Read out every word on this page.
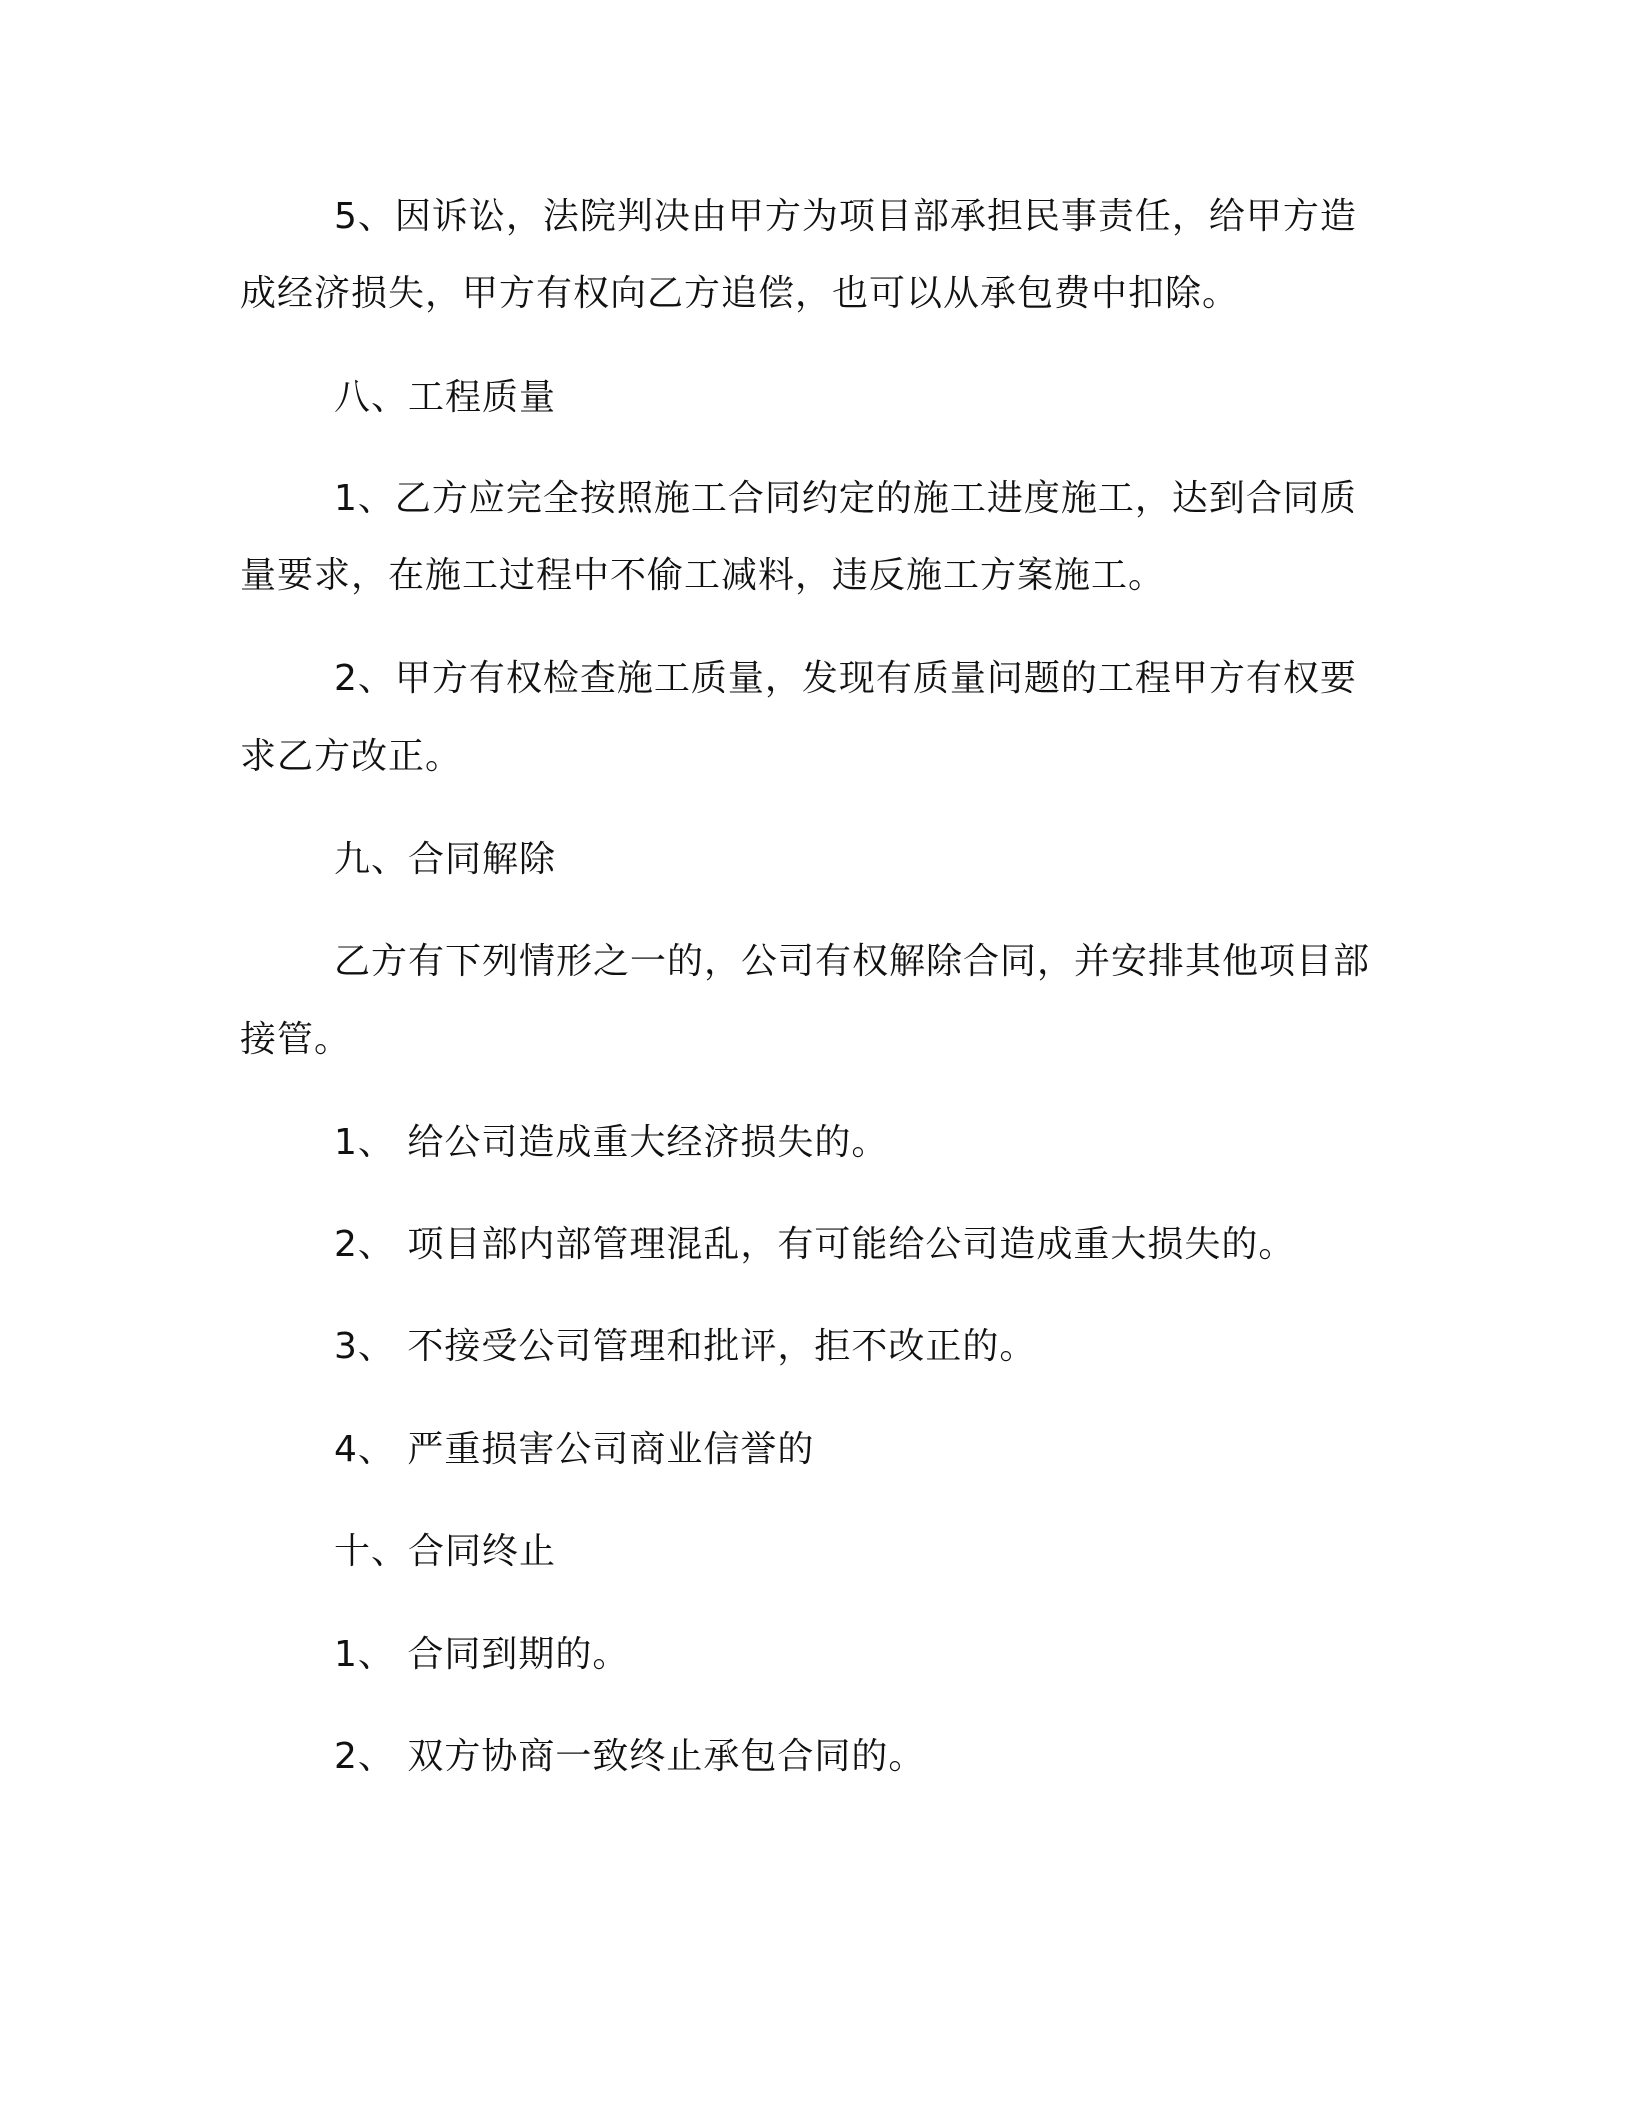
5、因诉讼，法院判决由甲方为项目部承担民事责任，给甲方造
成经济损失，甲方有权向乙方追偿，也可以从承包费中扣除。
八、工程质量
1、乙方应完全按照施工合同约定的施工进度施工，达到合同质
量要求，在施工过程中不偷工减料，违反施工方案施工。
2、甲方有权检查施工质量，发现有质量问题的工程甲方有权要
求乙方改正。
九、合同解除
乙方有下列情形之一的，公司有权解除合同，并安排其他项目部
接管。
1、 给公司造成重大经济损失的。
2、 项目部内部管理混乱，有可能给公司造成重大损失的。
3、 不接受公司管理和批评，拒不改正的。
4、 严重损害公司商业信誉的
十、合同终止
1、 合同到期的。
2、 双方协商一致终止承包合同的。
